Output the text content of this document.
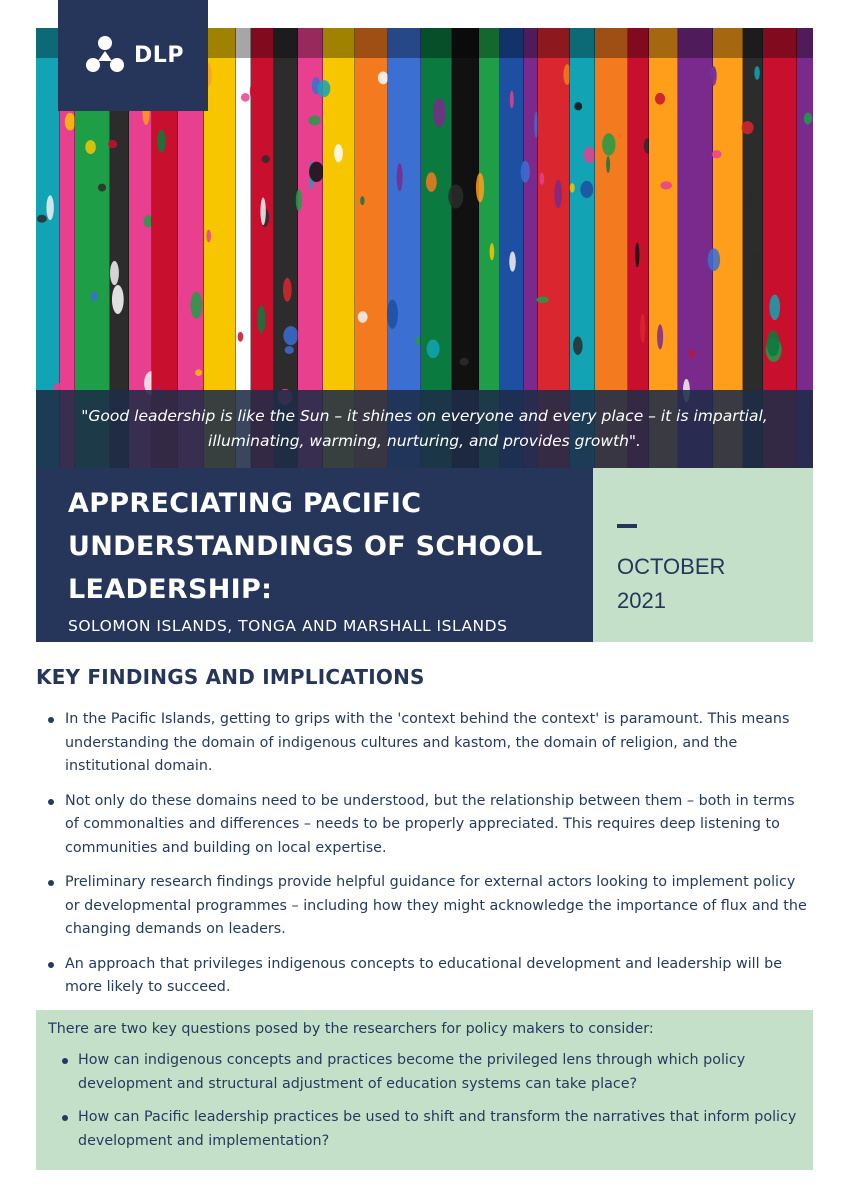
DLP

"Good leadership is like the Sun – it shines on everyone and every place – it is impartial, illuminating, warming, nurturing, and provides growth".

APPRECIATING PACIFIC UNDERSTANDINGS OF SCHOOL LEADERSHIP:

SOLOMON ISLANDS, TONGA AND MARSHALL ISLANDS

OCTOBER
2021
KEY FINDINGS AND IMPLICATIONS
In the Pacific Islands, getting to grips with the 'context behind the context' is paramount. This means understanding the domain of indigenous cultures and kastom, the domain of religion, and the institutional domain.
Not only do these domains need to be understood, but the relationship between them – both in terms of commonalties and differences – needs to be properly appreciated. This requires deep listening to communities and building on local expertise.
Preliminary research findings provide helpful guidance for external actors looking to implement policy or developmental programmes – including how they might acknowledge the importance of flux and the changing demands on leaders.
An approach that privileges indigenous concepts to educational development and leadership will be more likely to succeed.

There are two key questions posed by the researchers for policy makers to consider:

How can indigenous concepts and practices become the privileged lens through which policy development and structural adjustment of education systems can take place?
How can Pacific leadership practices be used to shift and transform the narratives that inform policy development and implementation?
